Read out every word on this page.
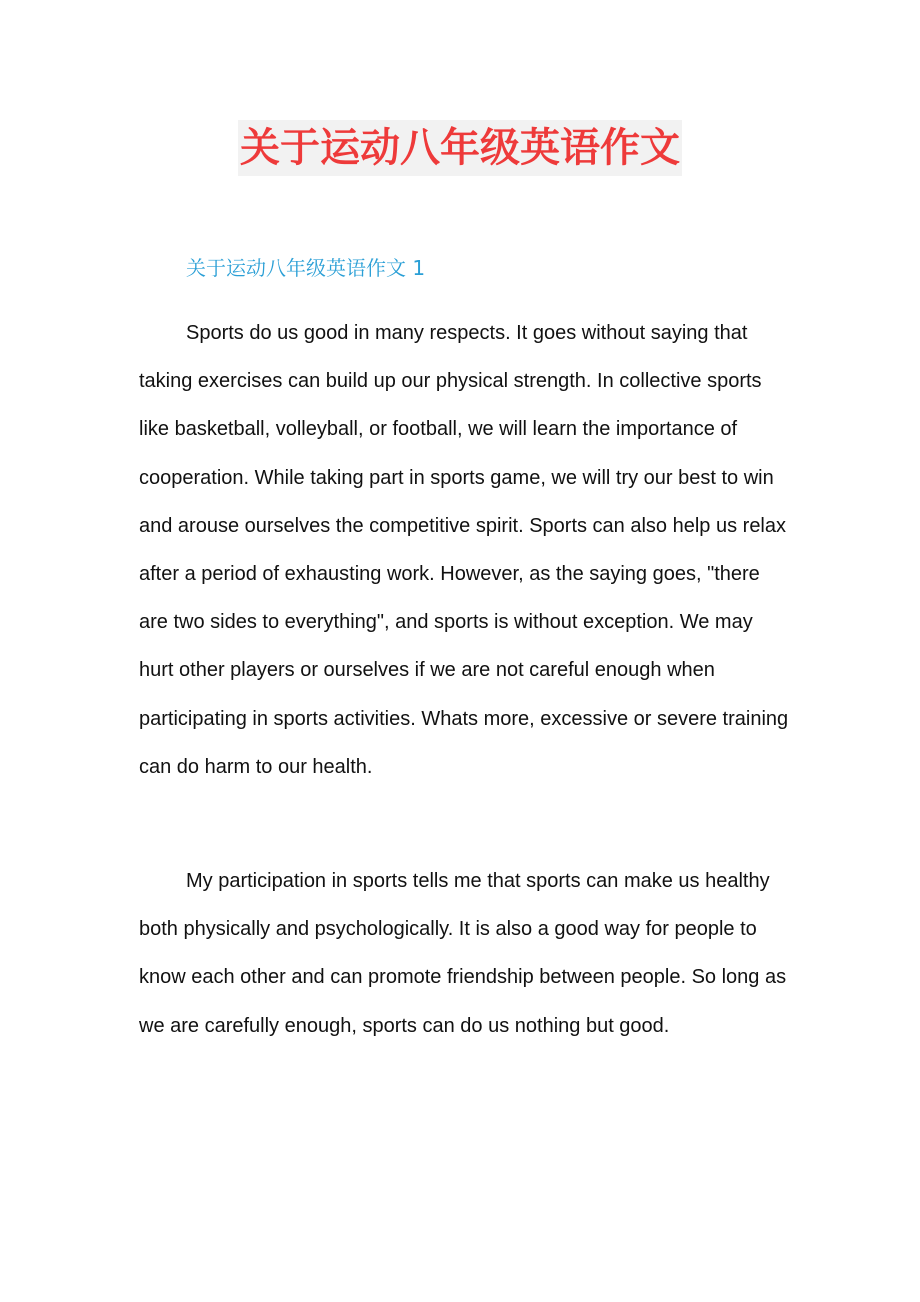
关于运动八年级英语作文
关于运动八年级英语作文 1

Sports do us good in many respects. It goes without saying that taking exercises can build up our physical strength. In collective sports like basketball, volleyball, or football, we will learn the importance of cooperation. While taking part in sports game, we will try our best to win and arouse ourselves the competitive spirit. Sports can also help us relax after a period of exhausting work. However, as the saying goes, "there are two sides to everything", and sports is without exception. We may hurt other players or ourselves if we are not careful enough when participating in sports activities. Whats more, excessive or severe training can do harm to our health.

My participation in sports tells me that sports can make us healthy both physically and psychologically. It is also a good way for people to know each other and can promote friendship between people. So long as we are carefully enough, sports can do us nothing but good.
